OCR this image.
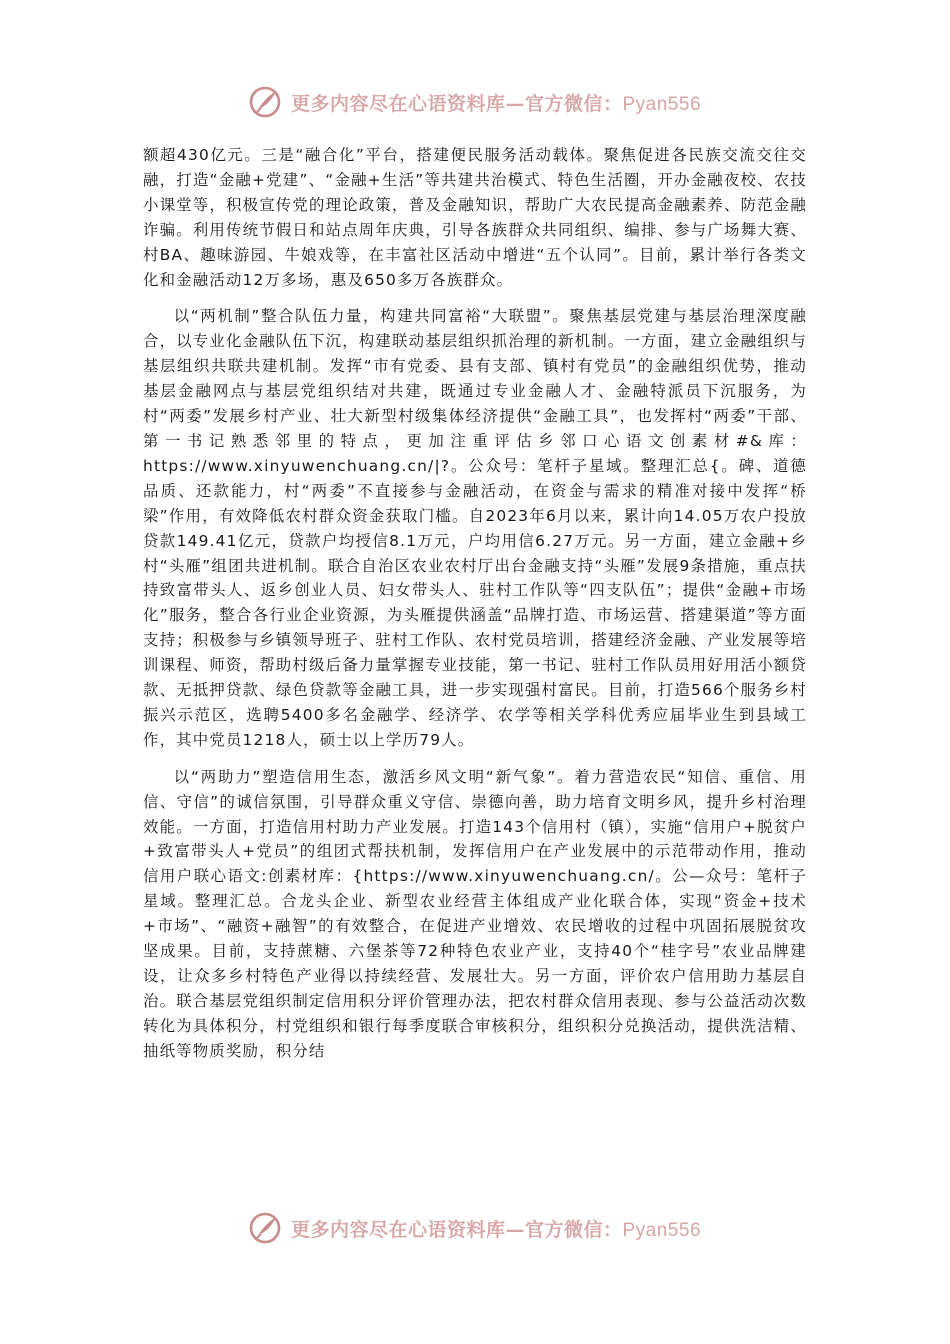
更多内容尽在心语资料库—官方微信：Pyan556

额超430亿元。三是“融合化”平台，搭建便民服务活动载体。聚焦促进各民族交流交往交融，打造“金融+党建”、“金融+生活”等共建共治模式、特色生活圈，开办金融夜校、农技小课堂等，积极宣传党的理论政策，普及金融知识，帮助广大农民提高金融素养、防范金融诈骗。利用传统节假日和站点周年庆典，引导各族群众共同组织、编排、参与广场舞大赛、村BA、趣味游园、牛娘戏等，在丰富社区活动中增进“五个认同”。目前，累计举行各类文化和金融活动12万多场，惠及650多万各族群众。

以“两机制”整合队伍力量，构建共同富裕“大联盟”。聚焦基层党建与基层治理深度融合，以专业化金融队伍下沉，构建联动基层组织抓治理的新机制。一方面，建立金融组织与基层组织共联共建机制。发挥“市有党委、县有支部、镇村有党员”的金融组织优势，推动基层金融网点与基层党组织结对共建，既通过专业金融人才、金融特派员下沉服务，为村“两委”发展乡村产业、壮大新型村级集体经济提供“金融工具”，也发挥村“两委”干部、第一书记熟悉邻里的特点，更加注重评估乡邻口心语文创素材#&库：https://www.xinyuwenchuang.cn/|?。公众号：笔杆子星域。整理汇总{。碑、道德品质、还款能力，村“两委”不直接参与金融活动，在资金与需求的精准对接中发挥“桥梁”作用，有效降低农村群众资金获取门槛。自2023年6月以来，累计向14.05万农户投放贷款149.41亿元，贷款户均授信8.1万元，户均用信6.27万元。另一方面，建立金融+乡村“头雁”组团共进机制。联合自治区农业农村厅出台金融支持“头雁”发展9条措施，重点扶持致富带头人、返乡创业人员、妇女带头人、驻村工作队等“四支队伍”；提供“金融+市场化”服务，整合各行业企业资源，为头雁提供涵盖“品牌打造、市场运营、搭建渠道”等方面支持；积极参与乡镇领导班子、驻村工作队、农村党员培训，搭建经济金融、产业发展等培训课程、师资，帮助村级后备力量掌握专业技能，第一书记、驻村工作队员用好用活小额贷款、无抵押贷款、绿色贷款等金融工具，进一步实现强村富民。目前，打造566个服务乡村振兴示范区，选聘5400多名金融学、经济学、农学等相关学科优秀应届毕业生到县域工作，其中党员1218人，硕士以上学历79人。

以“两助力”塑造信用生态，激活乡风文明“新气象”。着力营造农民“知信、重信、用信、守信”的诚信氛围，引导群众重义守信、崇德向善，助力培育文明乡风，提升乡村治理效能。一方面，打造信用村助力产业发展。打造143个信用村（镇），实施“信用户+脱贫户+致富带头人+党员”的组团式帮扶机制，发挥信用户在产业发展中的示范带动作用，推动信用户联心语文:创素材库：{https://www.xinyuwenchuang.cn/。公—众号：笔杆子星域。整理汇总。合龙头企业、新型农业经营主体组成产业化联合体，实现“资金+技术+市场”、“融资+融智”的有效整合，在促进产业增效、农民增收的过程中巩固拓展脱贫攻坚成果。目前，支持蔗糖、六堡茶等72种特色农业产业，支持40个“桂字号”农业品牌建设，让众多乡村特色产业得以持续经营、发展壮大。另一方面，评价农户信用助力基层自治。联合基层党组织制定信用积分评价管理办法，把农村群众信用表现、参与公益活动次数转化为具体积分，村党组织和银行每季度联合审核积分，组织积分兑换活动，提供洗洁精、抽纸等物质奖励，积分结

更多内容尽在心语资料库—官方微信：Pyan556
